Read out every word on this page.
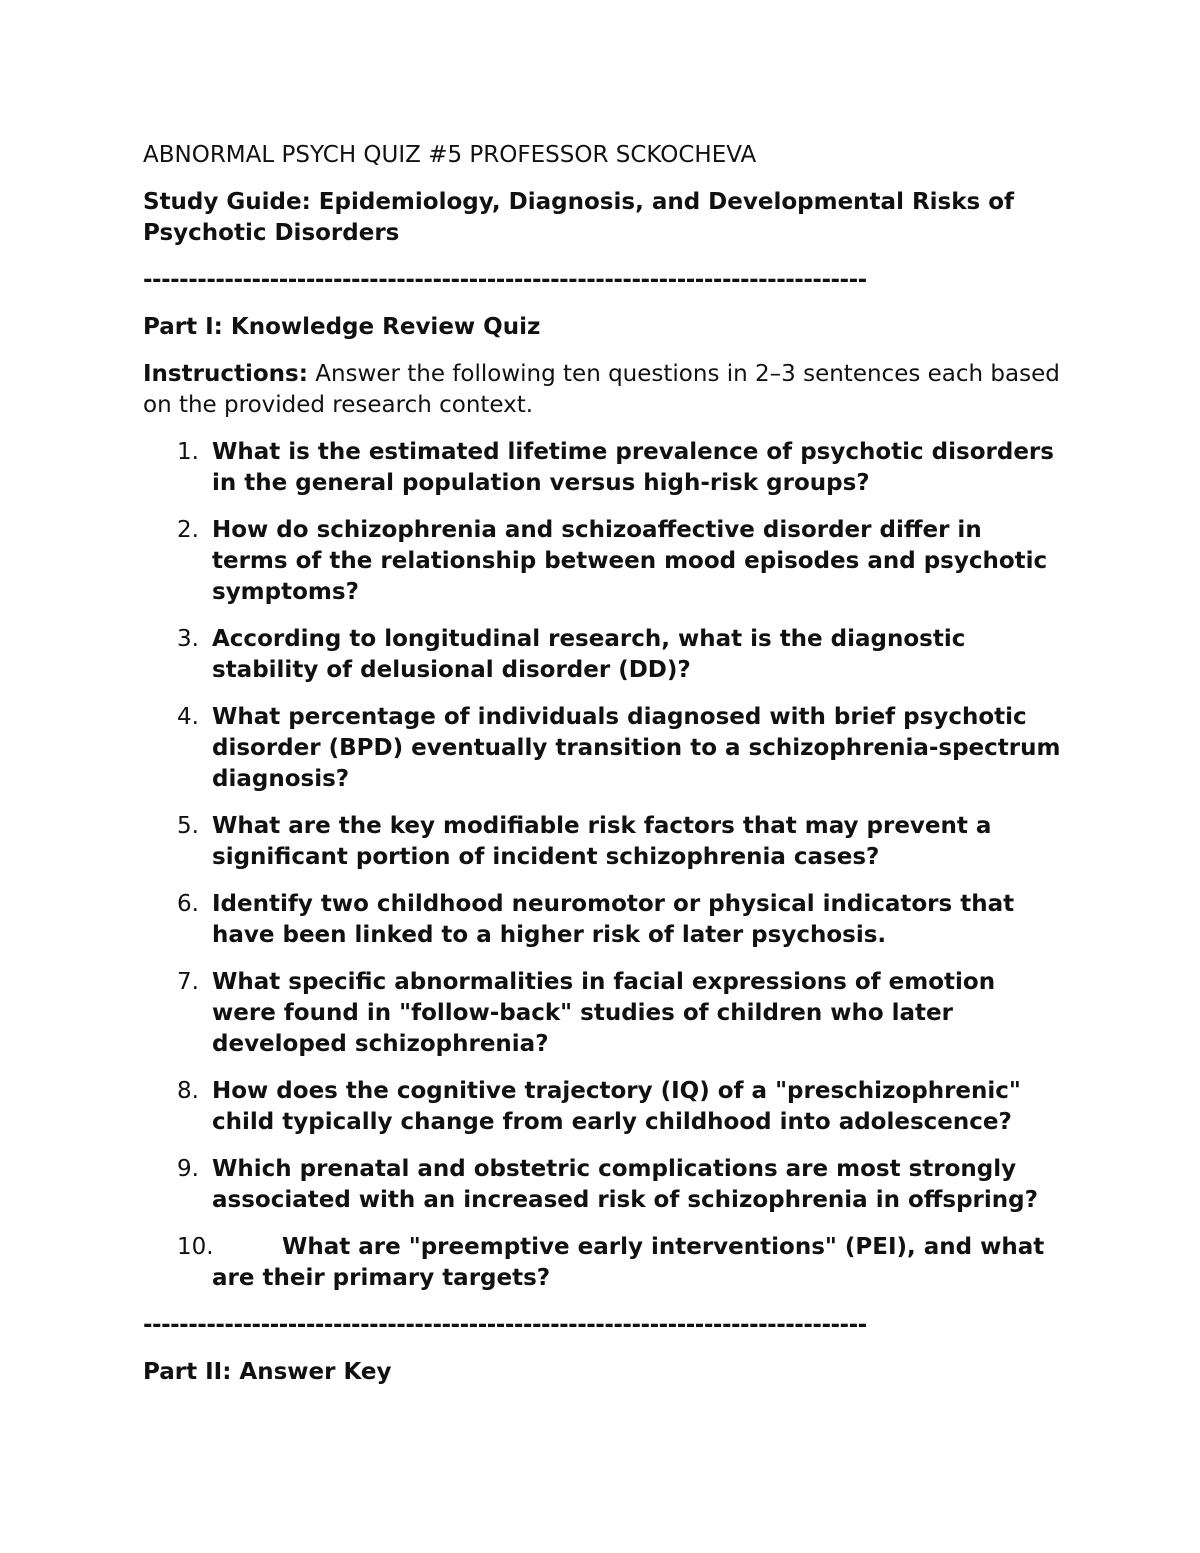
ABNORMAL PSYCH QUIZ #5 PROFESSOR SCKOCHEVA

Study Guide: Epidemiology, Diagnosis, and Developmental Risks of Psychotic Disorders

--------------------------------------------------------------------------------

Part I: Knowledge Review Quiz

Instructions: Answer the following ten questions in 2–3 sentences each based on the provided research context.

1. What is the estimated lifetime prevalence of psychotic disorders in the general population versus high-risk groups?
2. How do schizophrenia and schizoaffective disorder differ in terms of the relationship between mood episodes and psychotic symptoms?
3. According to longitudinal research, what is the diagnostic stability of delusional disorder (DD)?
4. What percentage of individuals diagnosed with brief psychotic disorder (BPD) eventually transition to a schizophrenia-spectrum diagnosis?
5. What are the key modifiable risk factors that may prevent a significant portion of incident schizophrenia cases?
6. Identify two childhood neuromotor or physical indicators that have been linked to a higher risk of later psychosis.
7. What specific abnormalities in facial expressions of emotion were found in "follow-back" studies of children who later developed schizophrenia?
8. How does the cognitive trajectory (IQ) of a "preschizophrenic" child typically change from early childhood into adolescence?
9. Which prenatal and obstetric complications are most strongly associated with an increased risk of schizophrenia in offspring?
10.	What are "preemptive early interventions" (PEI), and what are their primary targets?

--------------------------------------------------------------------------------

Part II: Answer Key
